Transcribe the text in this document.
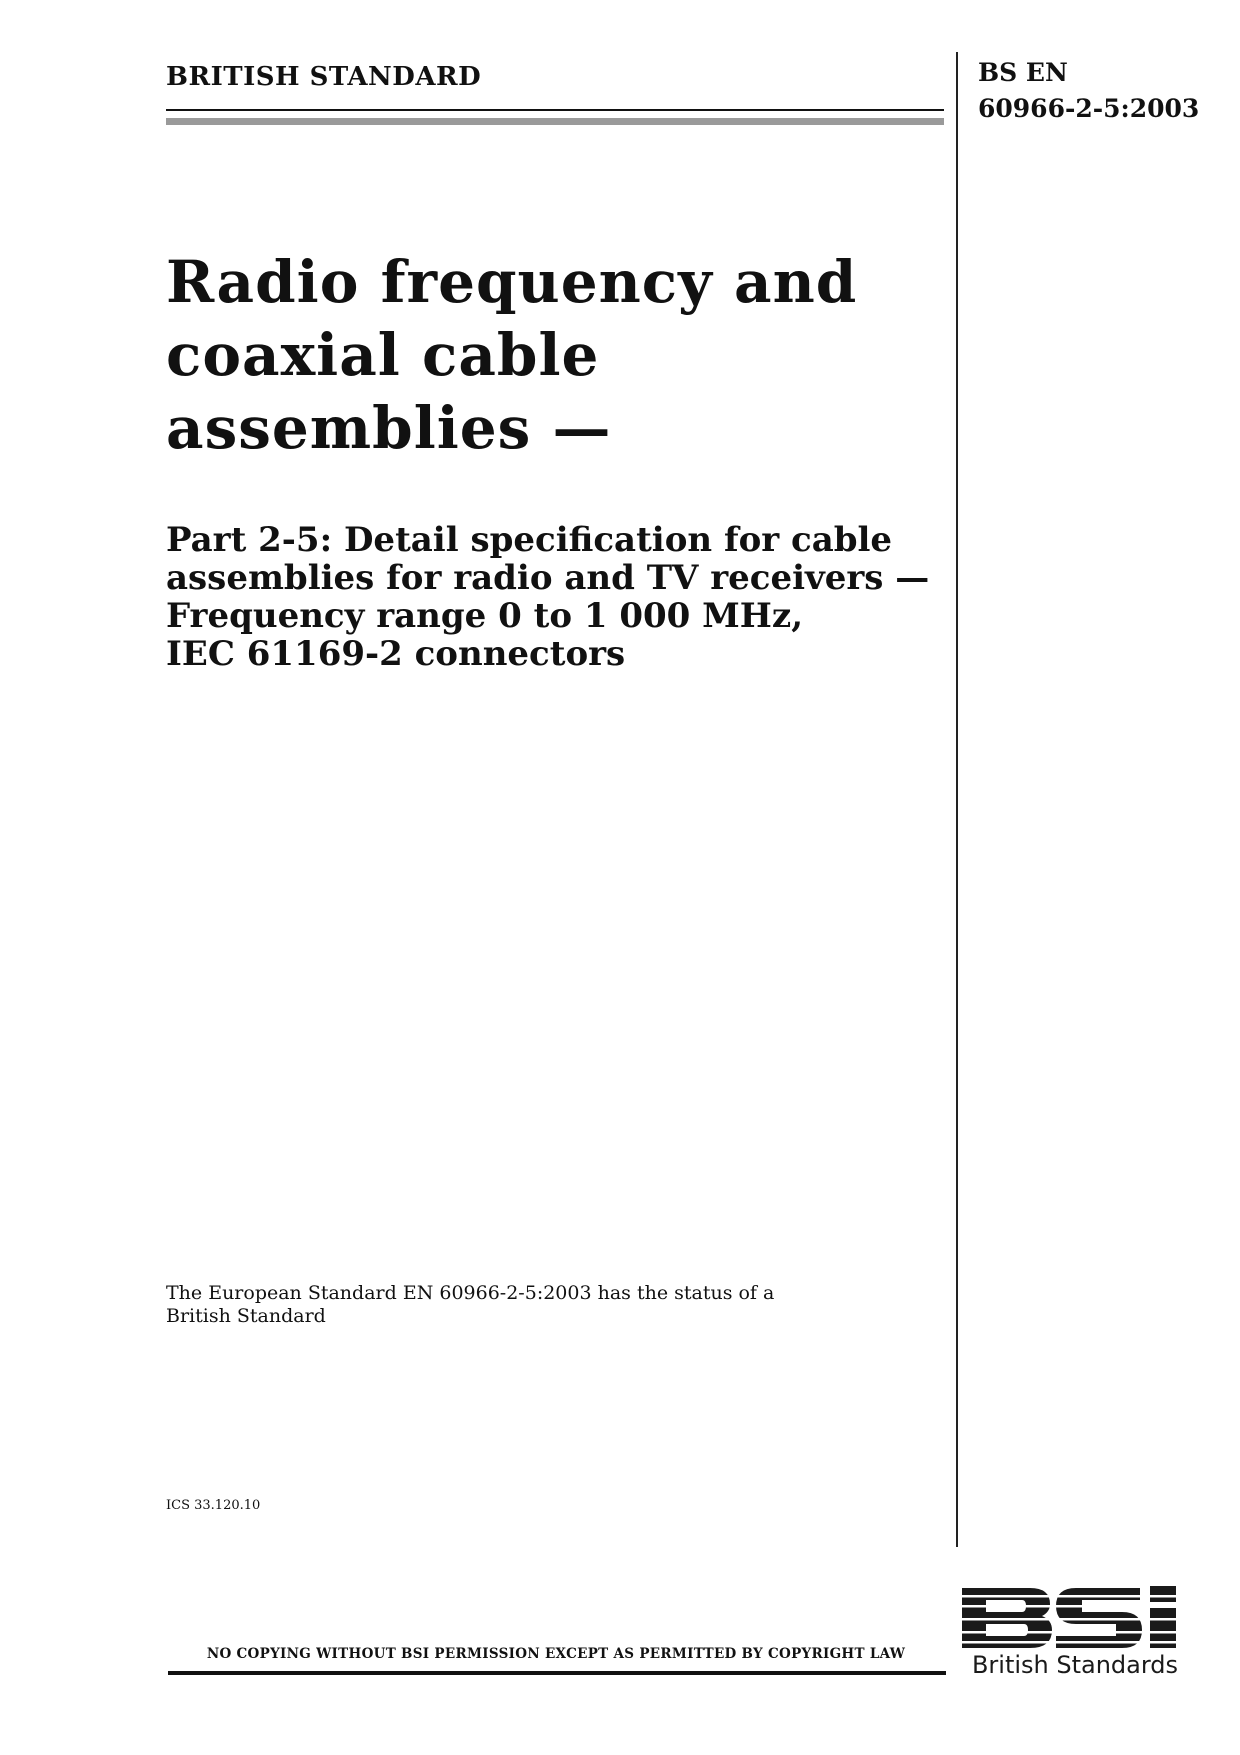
BRITISH STANDARD	BS EN
60966-2-5:2003
Radio frequency and
coaxial cable
assemblies —
Part 2-5: Detail specification for cable
assemblies for radio and TV receivers —
Frequency range 0 to 1 000 MHz,
IEC 61169-2 connectors
The European Standard EN 60966-2-5:2003 has the status of a
British Standard
ICS 33.120.10
NO COPYING WITHOUT BSI PERMISSION EXCEPT AS PERMITTED BY COPYRIGHT LAW	British Standards
